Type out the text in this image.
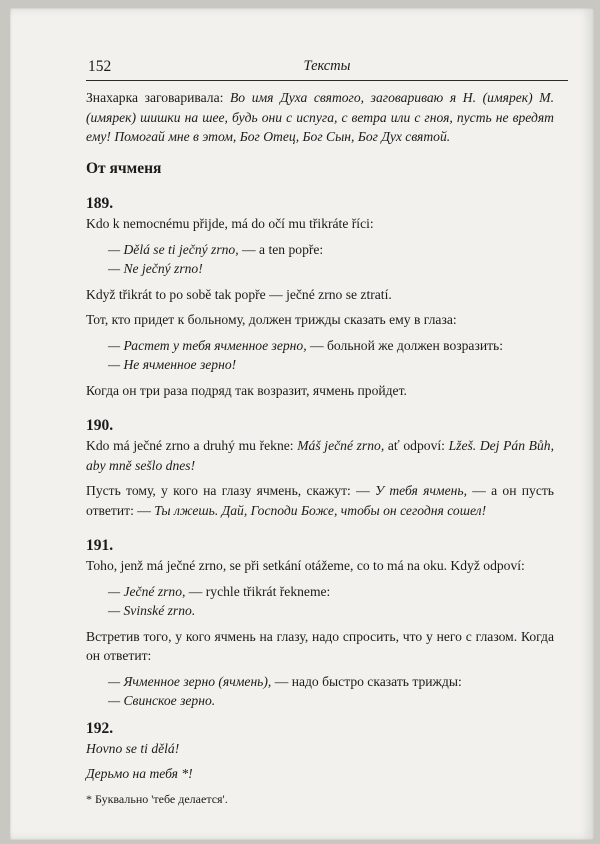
152	Тексты

Знахарка заговаривала: Во имя Духа святого, заговариваю я Н. (имярек) М. (имярек) шишки на шее, будь они с испуга, с ветра или с гноя, пусть не вредят ему! Помогай мне в этом, Бог Отец, Бог Сын, Бог Дух святой.

От ячменя
189.

Kdo k nemocnému přijde, má do očí mu třikráte říci:

— Dělá se ti ječný zrno, — a ten popře:

— Ne ječný zrno!

Když třikrát to po sobě tak popře — ječné zrno se ztratí.

Тот, кто придет к больному, должен трижды сказать ему в глаза:

— Растет у тебя ячменное зерно, — больной же должен возразить:

— Не ячменное зерно!

Когда он три раза подряд так возразит, ячмень пройдет.

190.

Kdo má ječné zrno a druhý mu řekne: Máš ječné zrno, ať odpoví: Lžeš. Dej Pán Bůh, aby mně sešlo dnes!

Пусть тому, у кого на глазу ячмень, скажут: — У тебя ячмень, — а он пусть ответит: — Ты лжешь. Дай, Господи Боже, чтобы он сегодня сошел!

191.

Toho, jenž má ječné zrno, se při setkání otážeme, co to má na oku. Když odpoví:

— Ječné zrno, — rychle třikrát řekneme:

— Svinské zrno.

Встретив того, у кого ячмень на глазу, надо спросить, что у него с глазом. Когда он ответит:

— Ячменное зерно (ячмень), — надо быстро сказать трижды:

— Свинское зерно.

192.

Hovno se ti dělá!

Дерьмо на тебя *!

* Буквально 'тебе делается'.
